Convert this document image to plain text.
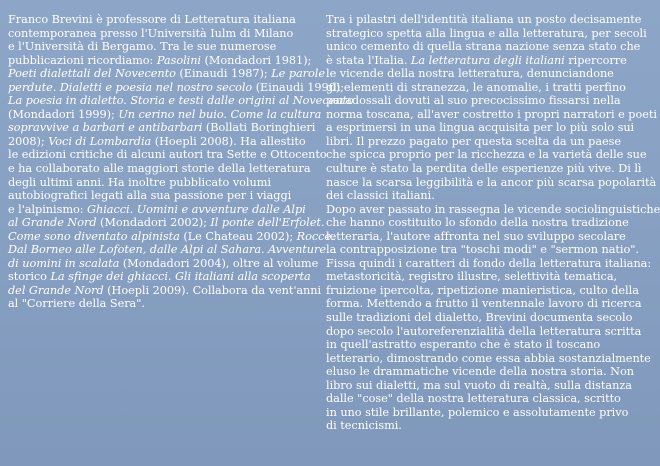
Franco Brevini è professore di Letteratura italiana
contemporanea presso l'Università Iulm di Milano
e l'Università di Bergamo. Tra le sue numerose
pubblicazioni ricordiamo: Pasolini (Mondadori 1981);
Poeti dialettali del Novecento (Einaudi 1987); Le parole
perdute. Dialetti e poesia nel nostro secolo (Einaudi 1990);
La poesia in dialetto. Storia e testi dalle origini al Novecento
(Mondadori 1999); Un cerino nel buio. Come la cultura
sopravvive a barbari e antibarbari (Bollati Boringhieri
2008); Voci di Lombardia (Hoepli 2008). Ha allestito
le edizioni critiche di alcuni autori tra Sette e Ottocento
e ha collaborato alle maggiori storie della letteratura
degli ultimi anni. Ha inoltre pubblicato volumi
autobiografici legati alla sua passione per i viaggi
e l'alpinismo: Ghiacci. Uomini e avventure dalle Alpi
al Grande Nord (Mondadori 2002); Il ponte dell'Erfolet.
Come sono diventato alpinista (Le Chateau 2002); Rocce.
Dal Borneo alle Lofoten, dalle Alpi al Sahara. Avventure
di uomini in scalata (Mondadori 2004), oltre al volume
storico La sfinge dei ghiacci. Gli italiani alla scoperta
del Grande Nord (Hoepli 2009). Collabora da vent'anni
al "Corriere della Sera".
Tra i pilastri dell'identità italiana un posto decisamente
strategico spetta alla lingua e alla letteratura, per secoli
unico cemento di quella strana nazione senza stato che
è stata l'Italia. La letteratura degli italiani ripercorre
le vicende della nostra letteratura, denunciandone
gli elementi di stranezza, le anomalie, i tratti perfino
paradossali dovuti al suo precocissimo fissarsi nella
norma toscana, all'aver costretto i propri narratori e poeti
a esprimersi in una lingua acquisita per lo più solo sui
libri. Il prezzo pagato per questa scelta da un paese
che spicca proprio per la ricchezza e la varietà delle sue
culture è stato la perdita delle esperienze più vive. Di lì
nasce la scarsa leggibilità e la ancor più scarsa popolarità
dei classici italiani.
Dopo aver passato in rassegna le vicende sociolinguistiche
che hanno costituito lo sfondo della nostra tradizione
letteraria, l'autore affronta nel suo sviluppo secolare
la contrapposizione tra "toschi modi" e "sermon natio".
Fissa quindi i caratteri di fondo della letteratura italiana:
metastoricità, registro illustre, selettività tematica,
fruizione ipercolta, ripetizione manieristica, culto della
forma. Mettendo a frutto il ventennale lavoro di ricerca
sulle tradizioni del dialetto, Brevini documenta secolo
dopo secolo l'autoreferenzialità della letteratura scritta
in quell'astratto esperanto che è stato il toscano
letterario, dimostrando come essa abbia sostanzialmente
eluso le drammatiche vicende della nostra storia. Non
libro sui dialetti, ma sul vuoto di realtà, sulla distanza
dalle "cose" della nostra letteratura classica, scritto
in uno stile brillante, polemico e assolutamente privo
di tecnicismi.
